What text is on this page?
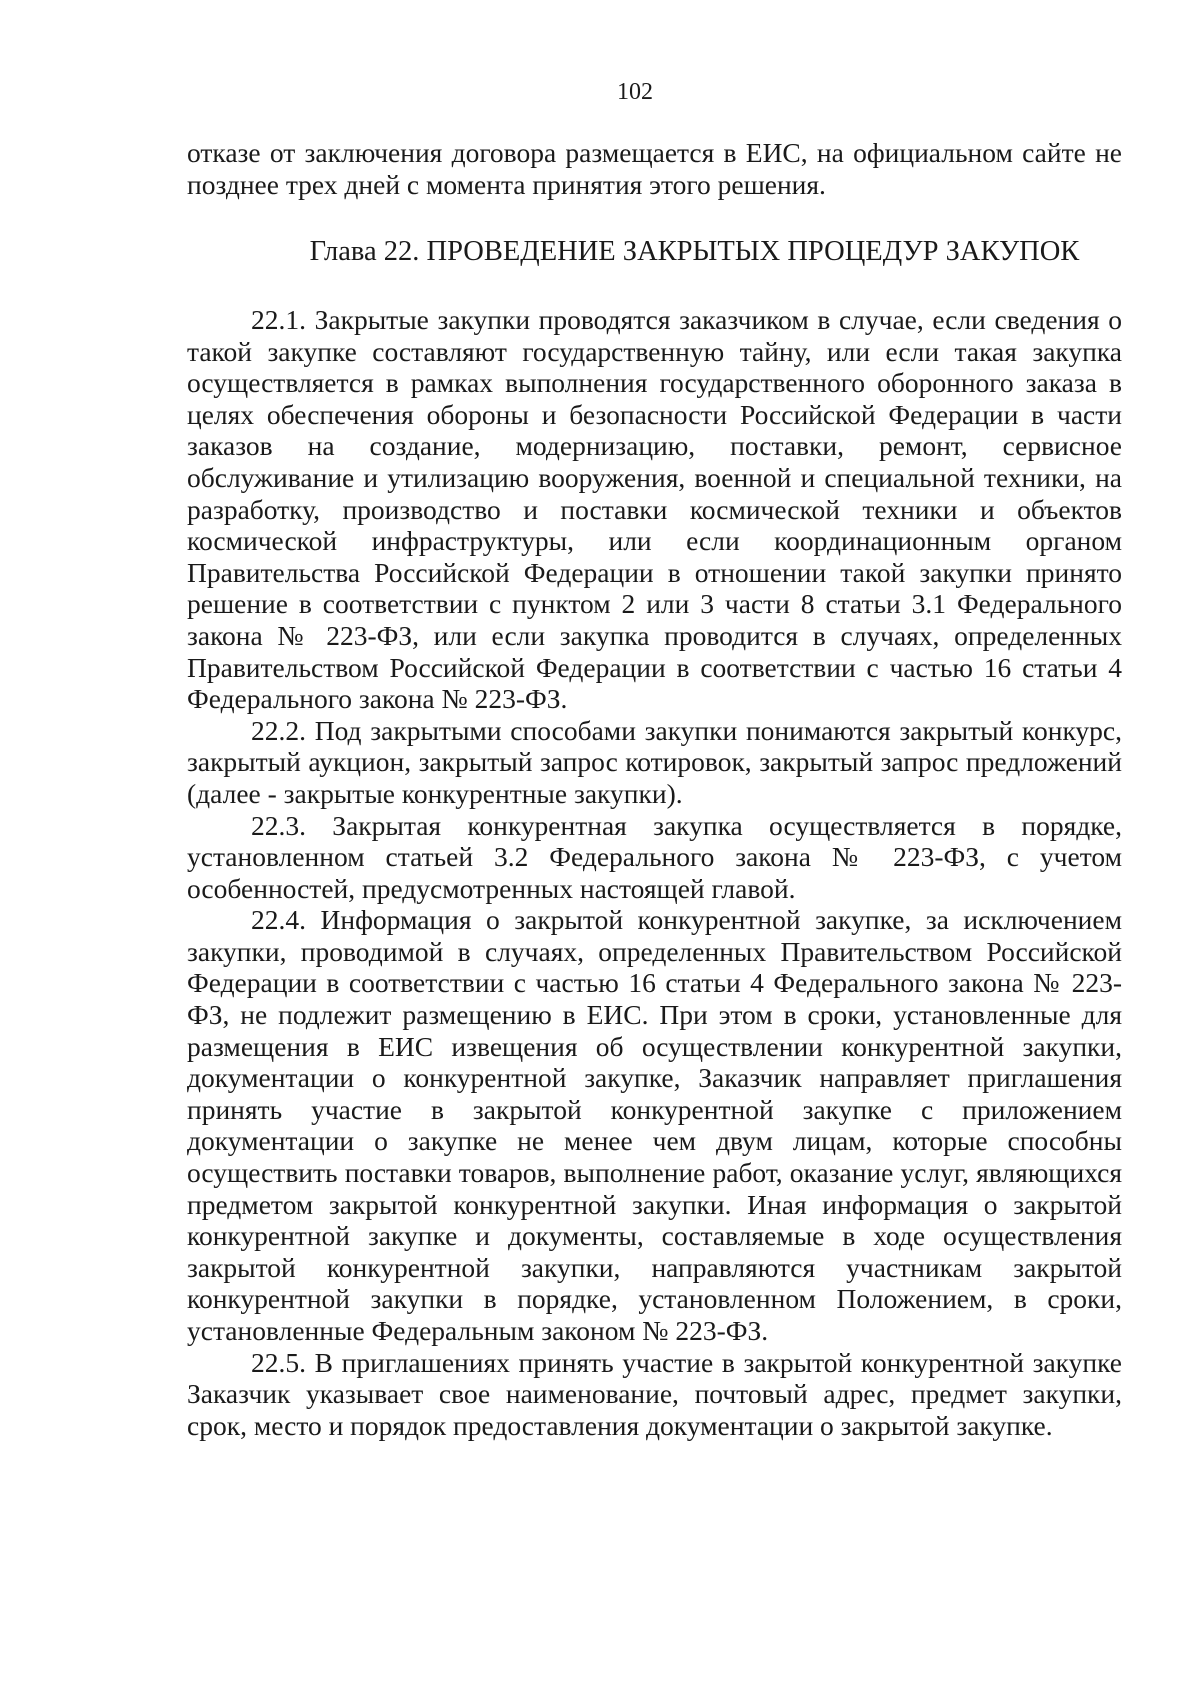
102

отказе от заключения договора размещается в ЕИС, на официальном сайте не позднее трех дней с момента принятия этого решения.

Глава 22. ПРОВЕДЕНИЕ ЗАКРЫТЫХ ПРОЦЕДУР ЗАКУПОК

22.1. Закрытые закупки проводятся заказчиком в случае, если сведения о такой закупке составляют государственную тайну, или если такая закупка осуществляется в рамках выполнения государственного оборонного заказа в целях обеспечения обороны и безопасности Российской Федерации в части заказов на создание, модернизацию, поставки, ремонт, сервисное обслуживание и утилизацию вооружения, военной и специальной техники, на разработку, производство и поставки космической техники и объектов космической инфраструктуры, или если координационным органом Правительства Российской Федерации в отношении такой закупки принято решение в соответствии с пунктом 2 или 3 части 8 статьи 3.1 Федерального закона № 223-ФЗ, или если закупка проводится в случаях, определенных Правительством Российской Федерации в соответствии с частью 16 статьи 4 Федерального закона № 223-ФЗ.

22.2. Под закрытыми способами закупки понимаются закрытый конкурс, закрытый аукцион, закрытый запрос котировок, закрытый запрос предложений (далее - закрытые конкурентные закупки).

22.3. Закрытая конкурентная закупка осуществляется в порядке, установленном статьей 3.2 Федерального закона № 223-ФЗ, с учетом особенностей, предусмотренных настоящей главой.

22.4. Информация о закрытой конкурентной закупке, за исключением закупки, проводимой в случаях, определенных Правительством Российской Федерации в соответствии с частью 16 статьи 4 Федерального закона № 223-ФЗ, не подлежит размещению в ЕИС. При этом в сроки, установленные для размещения в ЕИС извещения об осуществлении конкурентной закупки, документации о конкурентной закупке, Заказчик направляет приглашения принять участие в закрытой конкурентной закупке с приложением документации о закупке не менее чем двум лицам, которые способны осуществить поставки товаров, выполнение работ, оказание услуг, являющихся предметом закрытой конкурентной закупки. Иная информация о закрытой конкурентной закупке и документы, составляемые в ходе осуществления закрытой конкурентной закупки, направляются участникам закрытой конкурентной закупки в порядке, установленном Положением, в сроки, установленные Федеральным законом № 223-ФЗ.

22.5. В приглашениях принять участие в закрытой конкурентной закупке Заказчик указывает свое наименование, почтовый адрес, предмет закупки, срок, место и порядок предоставления документации о закрытой закупке.
